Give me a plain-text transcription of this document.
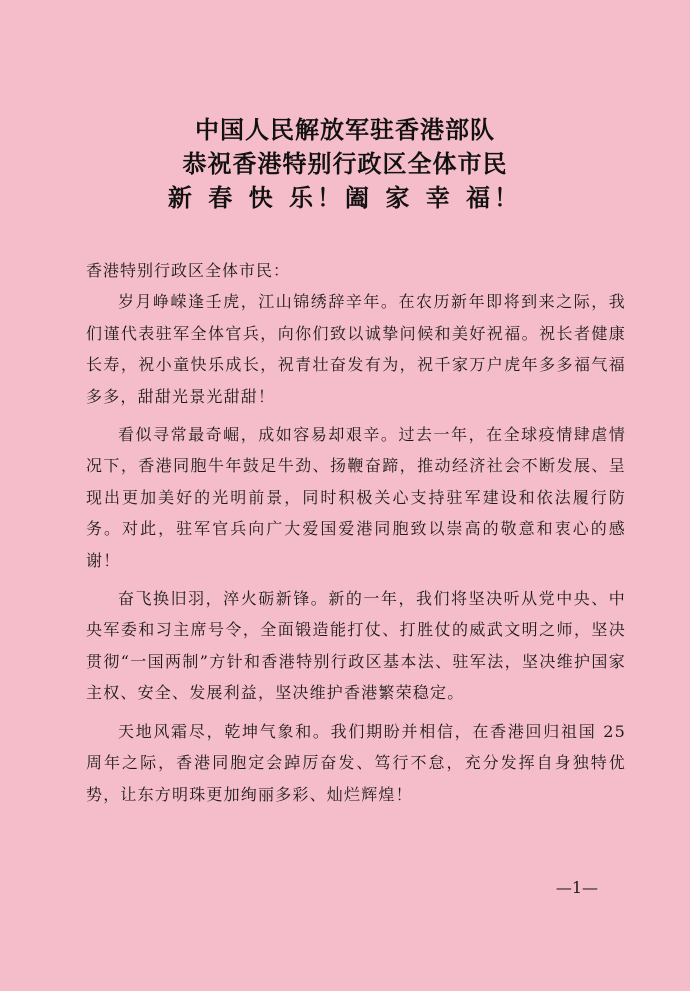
中国人民解放军驻香港部队
恭祝香港特别行政区全体市民
新 春 快 乐！阖 家 幸 福！
香港特别行政区全体市民：

岁月峥嵘逢壬虎，江山锦绣辞辛年。在农历新年即将到来之际，我们谨代表驻军全体官兵，向你们致以诚挚问候和美好祝福。祝长者健康长寿，祝小童快乐成长，祝青壮奋发有为，祝千家万户虎年多多福气福多多，甜甜光景光甜甜！

看似寻常最奇崛，成如容易却艰辛。过去一年，在全球疫情肆虐情况下，香港同胞牛年鼓足牛劲、扬鞭奋蹄，推动经济社会不断发展、呈现出更加美好的光明前景，同时积极关心支持驻军建设和依法履行防务。对此，驻军官兵向广大爱国爱港同胞致以崇高的敬意和衷心的感谢！

奋飞换旧羽，淬火砺新锋。新的一年，我们将坚决听从党中央、中央军委和习主席号令，全面锻造能打仗、打胜仗的威武文明之师，坚决贯彻“一国两制”方针和香港特别行政区基本法、驻军法，坚决维护国家主权、安全、发展利益，坚决维护香港繁荣稳定。

天地风霜尽，乾坤气象和。我们期盼并相信，在香港回归祖国 25 周年之际，香港同胞定会踔厉奋发、笃行不怠，充分发挥自身独特优势，让东方明珠更加绚丽多彩、灿烂辉煌！

—1—
